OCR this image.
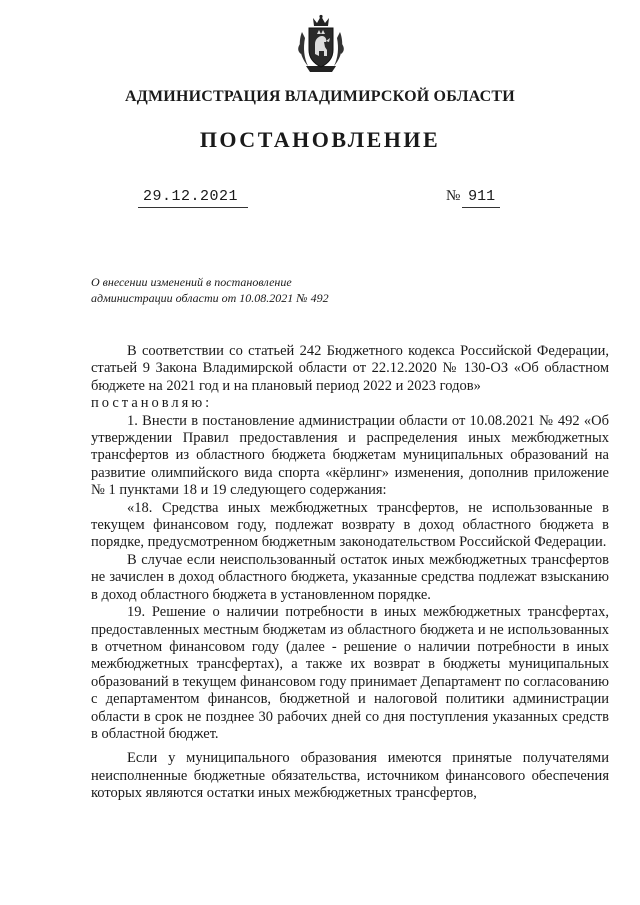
АДМИНИСТРАЦИЯ ВЛАДИМИРСКОЙ ОБЛАСТИ
ПОСТАНОВЛЕНИЕ
29.12.2021	№ 911
О внесении изменений в постановление администрации области от 10.08.2021 № 492

В соответствии со статьей 242 Бюджетного кодекса Российской Федерации, статьей 9 Закона Владимирской области от 22.12.2020 № 130-ОЗ «Об областном бюджете на 2021 год и на плановый период 2022 и 2023 годов»

постановляю:

1. Внести в постановление администрации области от 10.08.2021 № 492 «Об утверждении Правил предоставления и распределения иных межбюджетных трансфертов из областного бюджета бюджетам муниципальных образований на развитие олимпийского вида спорта «кёрлинг» изменения, дополнив приложение № 1 пунктами 18 и 19 следующего содержания:

«18. Средства иных межбюджетных трансфертов, не использованные в текущем финансовом году, подлежат возврату в доход областного бюджета в порядке, предусмотренном бюджетным законодательством Российской Федерации.

В случае если неиспользованный остаток иных межбюджетных трансфертов не зачислен в доход областного бюджета, указанные средства подлежат взысканию в доход областного бюджета в установленном порядке.

19. Решение о наличии потребности в иных межбюджетных трансфертах, предоставленных местным бюджетам из областного бюджета и не использованных в отчетном финансовом году (далее - решение о наличии потребности в иных межбюджетных трансфертах), а также их возврат в бюджеты муниципальных образований в текущем финансовом году принимает Департамент по согласованию с департаментом финансов, бюджетной и налоговой политики администрации области в срок не позднее 30 рабочих дней со дня поступления указанных средств в областной бюджет.

Если у муниципального образования имеются принятые получателями неисполненные бюджетные обязательства, источником финансового обеспечения которых являются остатки иных межбюджетных трансфертов,
